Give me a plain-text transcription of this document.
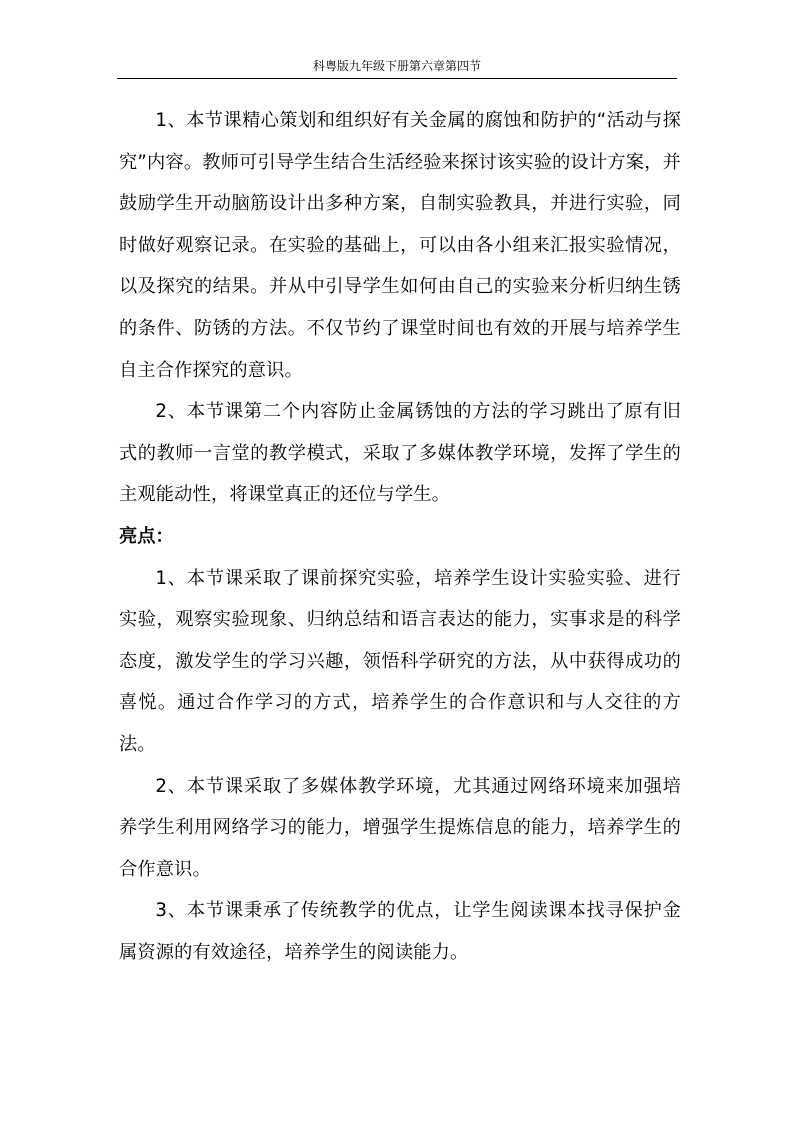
科粤版九年级下册第六章第四节

1、本节课精心策划和组织好有关金属的腐蚀和防护的“活动与探究”内容。教师可引导学生结合生活经验来探讨该实验的设计方案，并鼓励学生开动脑筋设计出多种方案，自制实验教具，并进行实验，同时做好观察记录。在实验的基础上，可以由各小组来汇报实验情况，以及探究的结果。并从中引导学生如何由自己的实验来分析归纳生锈的条件、防锈的方法。不仅节约了课堂时间也有效的开展与培养学生自主合作探究的意识。

2、本节课第二个内容防止金属锈蚀的方法的学习跳出了原有旧式的教师一言堂的教学模式，采取了多媒体教学环境，发挥了学生的主观能动性，将课堂真正的还位与学生。

亮点：

1、本节课采取了课前探究实验，培养学生设计实验实验、进行实验，观察实验现象、归纳总结和语言表达的能力，实事求是的科学态度，激发学生的学习兴趣，领悟科学研究的方法，从中获得成功的喜悦。通过合作学习的方式，培养学生的合作意识和与人交往的方法。

2、本节课采取了多媒体教学环境，尤其通过网络环境来加强培养学生利用网络学习的能力，增强学生提炼信息的能力，培养学生的合作意识。

3、本节课秉承了传统教学的优点，让学生阅读课本找寻保护金属资源的有效途径，培养学生的阅读能力。
